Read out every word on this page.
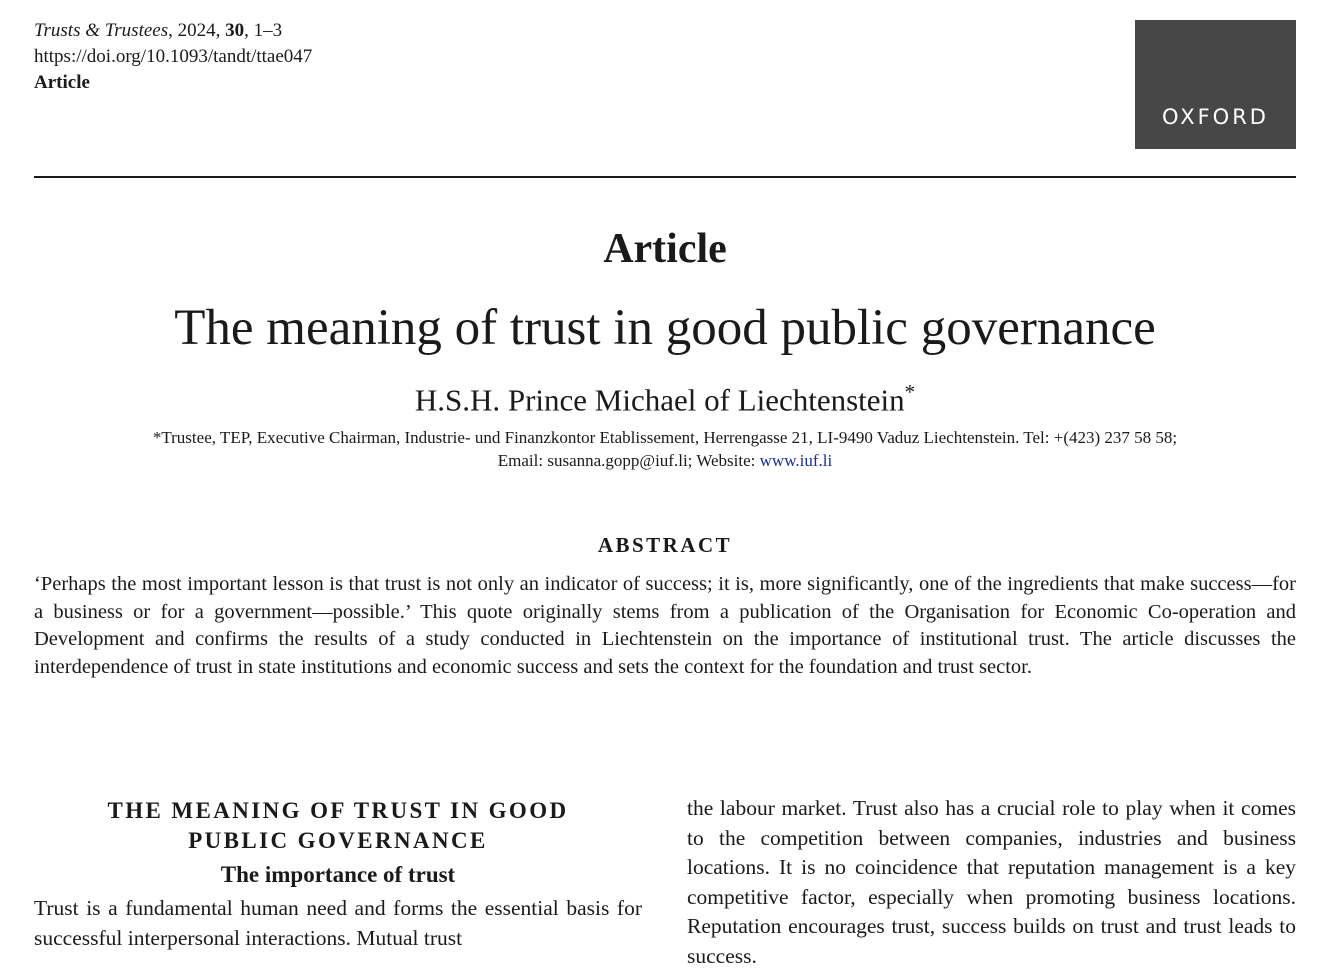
Trusts & Trustees, 2024, 30, 1–3
https://doi.org/10.1093/tandt/ttae047
Article
OXFORD
Article
The meaning of trust in good public governance
H.S.H. Prince Michael of Liechtenstein*
*Trustee, TEP, Executive Chairman, Industrie- und Finanzkontor Etablissement, Herrengasse 21, LI-9490 Vaduz Liechtenstein. Tel: +(423) 237 58 58;
Email: susanna.gopp@iuf.li; Website: www.iuf.li
ABSTRACT
‘Perhaps the most important lesson is that trust is not only an indicator of success; it is, more significantly, one of the ingredients that make success—for a business or for a government—possible.’ This quote originally stems from a publication of the Organisation for Economic Co-operation and Development and confirms the results of a study conducted in Liechtenstein on the importance of institutional trust. The article discusses the interdependence of trust in state institutions and economic success and sets the context for the foundation and trust sector.
THE MEANING OF TRUST IN GOOD
PUBLIC GOVERNANCE
The importance of trust

Trust is a fundamental human need and forms the essential basis for successful interpersonal interactions. Mutual trust

the labour market. Trust also has a crucial role to play when it comes to the competition between companies, industries and business locations. It is no coincidence that reputation management is a key competitive factor, especially when promoting business locations. Reputation encourages trust, success builds on trust and trust leads to success.
